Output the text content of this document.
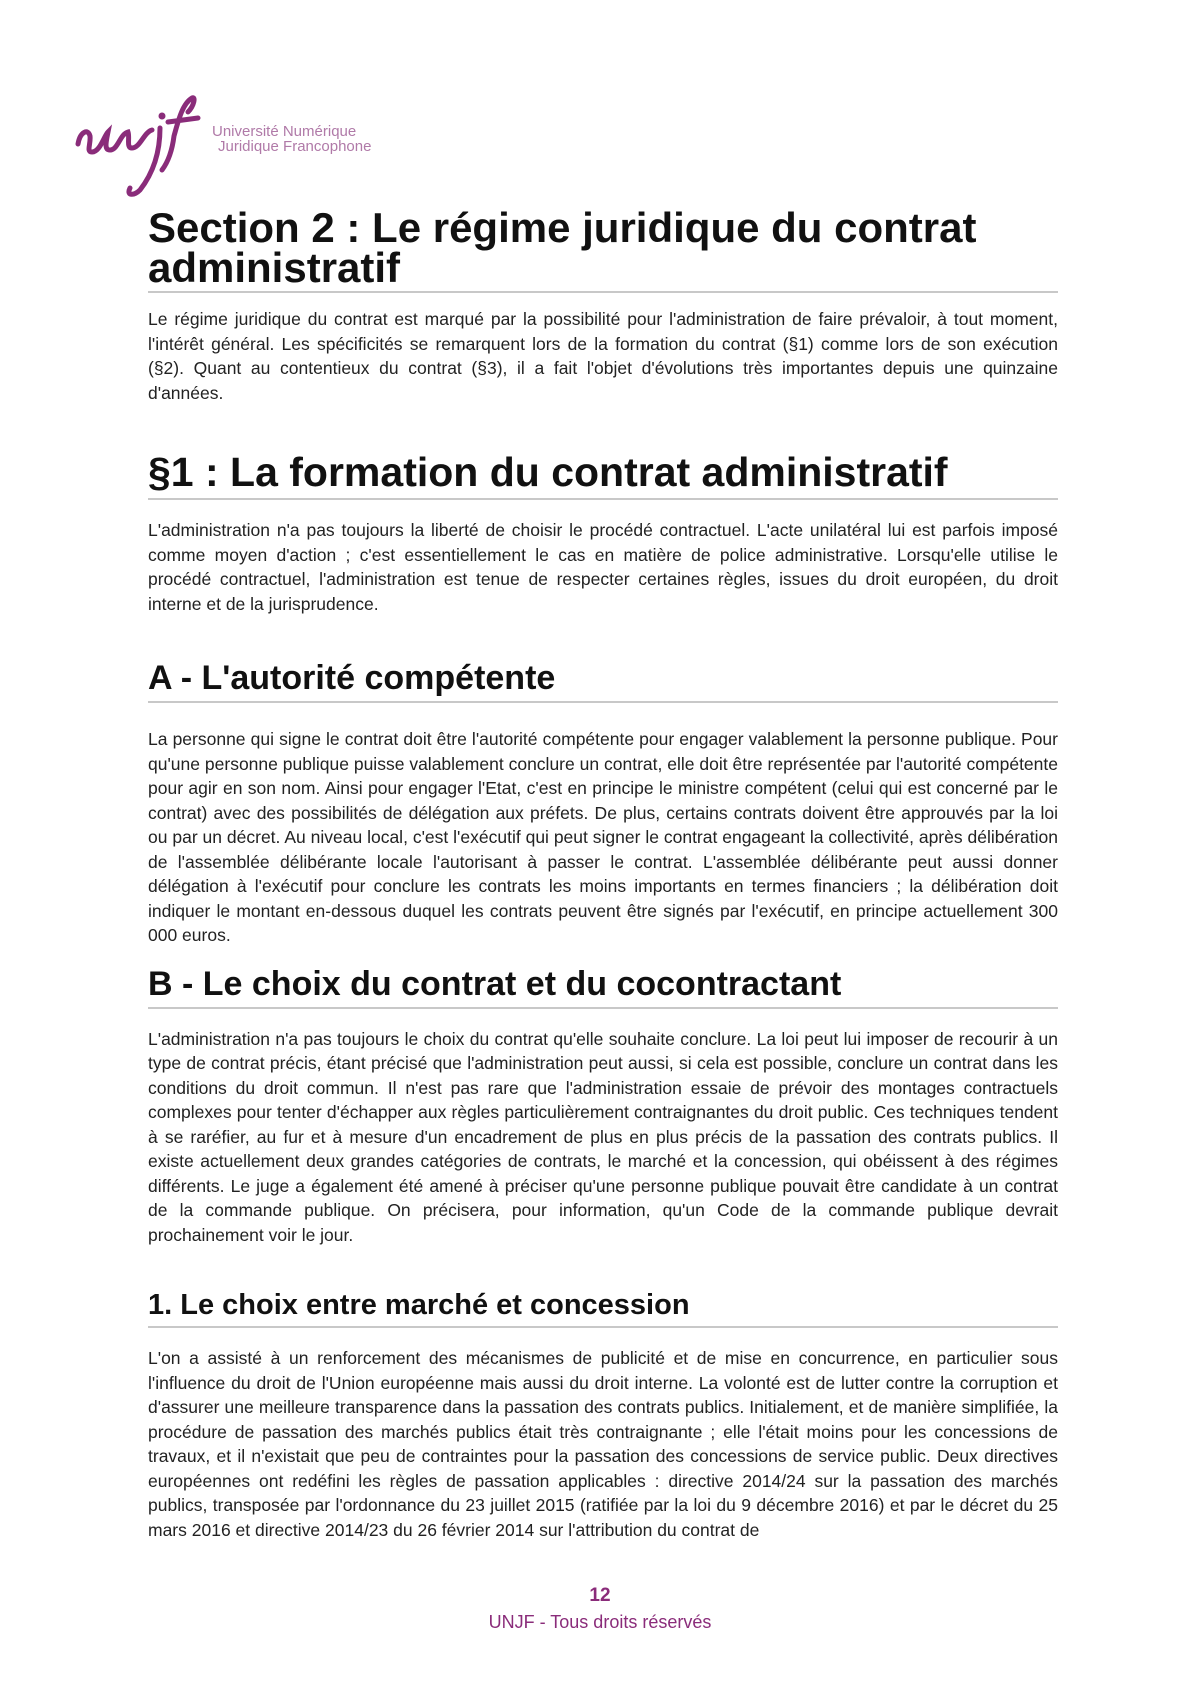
Université Numérique
Juridique Francophone
Section 2 : Le régime juridique du contrat administratif

Le régime juridique du contrat est marqué par la possibilité pour l'administration de faire prévaloir, à tout moment, l'intérêt général. Les spécificités se remarquent lors de la formation du contrat (§1) comme lors de son exécution (§2). Quant au contentieux du contrat (§3), il a fait l'objet d'évolutions très importantes depuis une quinzaine d'années.

§1 : La formation du contrat administratif

L'administration n'a pas toujours la liberté de choisir le procédé contractuel. L'acte unilatéral lui est parfois imposé comme moyen d'action ; c'est essentiellement le cas en matière de police administrative. Lorsqu'elle utilise le procédé contractuel, l'administration est tenue de respecter certaines règles, issues du droit européen, du droit interne et de la jurisprudence.

A - L'autorité compétente

La personne qui signe le contrat doit être l'autorité compétente pour engager valablement la personne publique. Pour qu'une personne publique puisse valablement conclure un contrat, elle doit être représentée par l'autorité compétente pour agir en son nom. Ainsi pour engager l'Etat, c'est en principe le ministre compétent (celui qui est concerné par le contrat) avec des possibilités de délégation aux préfets. De plus, certains contrats doivent être approuvés par la loi ou par un décret. Au niveau local, c'est l'exécutif qui peut signer le contrat engageant la collectivité, après délibération de l'assemblée délibérante locale l'autorisant à passer le contrat. L'assemblée délibérante peut aussi donner délégation à l'exécutif pour conclure les contrats les moins importants en termes financiers ; la délibération doit indiquer le montant en-dessous duquel les contrats peuvent être signés par l'exécutif, en principe actuellement 300 000 euros.

B - Le choix du contrat et du cocontractant

L'administration n'a pas toujours le choix du contrat qu'elle souhaite conclure. La loi peut lui imposer de recourir à un type de contrat précis, étant précisé que l'administration peut aussi, si cela est possible, conclure un contrat dans les conditions du droit commun. Il n'est pas rare que l'administration essaie de prévoir des montages contractuels complexes pour tenter d'échapper aux règles particulièrement contraignantes du droit public. Ces techniques tendent à se raréfier, au fur et à mesure d'un encadrement de plus en plus précis de la passation des contrats publics. Il existe actuellement deux grandes catégories de contrats, le marché et la concession, qui obéissent à des régimes différents. Le juge a également été amené à préciser qu'une personne publique pouvait être candidate à un contrat de la commande publique. On précisera, pour information, qu'un Code de la commande publique devrait prochainement voir le jour.

1. Le choix entre marché et concession

L'on a assisté à un renforcement des mécanismes de publicité et de mise en concurrence, en particulier sous l'influence du droit de l'Union européenne mais aussi du droit interne. La volonté est de lutter contre la corruption et d'assurer une meilleure transparence dans la passation des contrats publics. Initialement, et de manière simplifiée, la procédure de passation des marchés publics était très contraignante ; elle l'était moins pour les concessions de travaux, et il n'existait que peu de contraintes pour la passation des concessions de service public. Deux directives européennes ont redéfini les règles de passation applicables : directive 2014/24 sur la passation des marchés publics, transposée par l'ordonnance du 23 juillet 2015 (ratifiée par la loi du 9 décembre 2016) et par le décret du 25 mars 2016 et directive 2014/23 du 26 février 2014 sur l'attribution du contrat de

12
UNJF - Tous droits réservés
